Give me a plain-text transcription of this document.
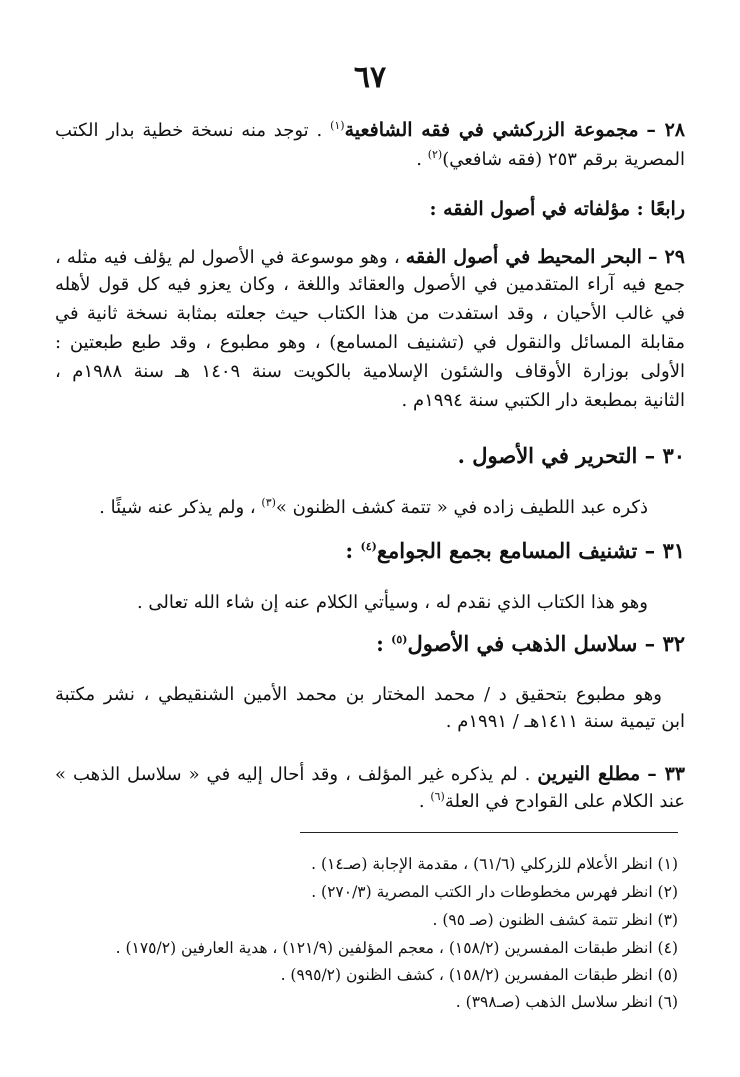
٦٧
٢٨ – مجموعة الزركشي في فقه الشافعية$^{(١)}$ . توجد منه نسخة خطية بدار الكتب
المصرية برقم ٢٥٣ (فقه شافعي)$^{(٢)}$ .
رابعًا : مؤلفاته في أصول الفقه :
٢٩ – البحر المحيط في أصول الفقه ، وهو موسوعة في الأصول لم يؤلف فيه مثله ،
جمع فيه آراء المتقدمين في الأصول والعقائد واللغة ، وكان يعزو فيه كل قول لأهله
في غالب الأحيان ، وقد استفدت من هذا الكتاب حيث جعلته بمثابة نسخة ثانية في
مقابلة المسائل والنقول في (تشنيف المسامع) ، وهو مطبوع ، وقد طبع طبعتين :
الأولى بوزارة الأوقاف والشئون الإسلامية بالكويت سنة ١٤٠٩ هـ سنة ١٩٨٨م ،
الثانية بمطبعة دار الكتبي سنة ١٩٩٤م .
٣٠ – التحرير في الأصول .
ذكره عبد اللطيف زاده في « تتمة كشف الظنون »$^{(٣)}$ ، ولم يذكر عنه شيئًا .
٣١ – تشنيف المسامع بجمع الجوامع$^{(٤)}$ :
وهو هذا الكتاب الذي نقدم له ، وسيأتي الكلام عنه إن شاء الله تعالى .
٣٢ – سلاسل الذهب في الأصول$^{(٥)}$ :
وهو مطبوع بتحقيق د / محمد المختار بن محمد الأمين الشنقيطي ، نشر مكتبة
ابن تيمية سنة ١٤١١هـ / ١٩٩١م .
٣٣ – مطلع النيرين . لم يذكره غير المؤلف ، وقد أحال إليه في « سلاسل الذهب »
عند الكلام على القوادح في العلة$^{(٦)}$ .
(١) انظر الأعلام للزركلي (٦١/٦) ، مقدمة الإجابة (صـ١٤) .
(٢) انظر فهرس مخطوطات دار الكتب المصرية (٢٧٠/٣) .
(٣) انظر تتمة كشف الظنون (صـ ٩٥) .
(٤) انظر طبقات المفسرين (١٥٨/٢) ، معجم المؤلفين (١٢١/٩) ، هدية العارفين (١٧٥/٢) .
(٥) انظر طبقات المفسرين (١٥٨/٢) ، كشف الظنون (٩٩٥/٢) .
(٦) انظر سلاسل الذهب (صـ٣٩٨) .
